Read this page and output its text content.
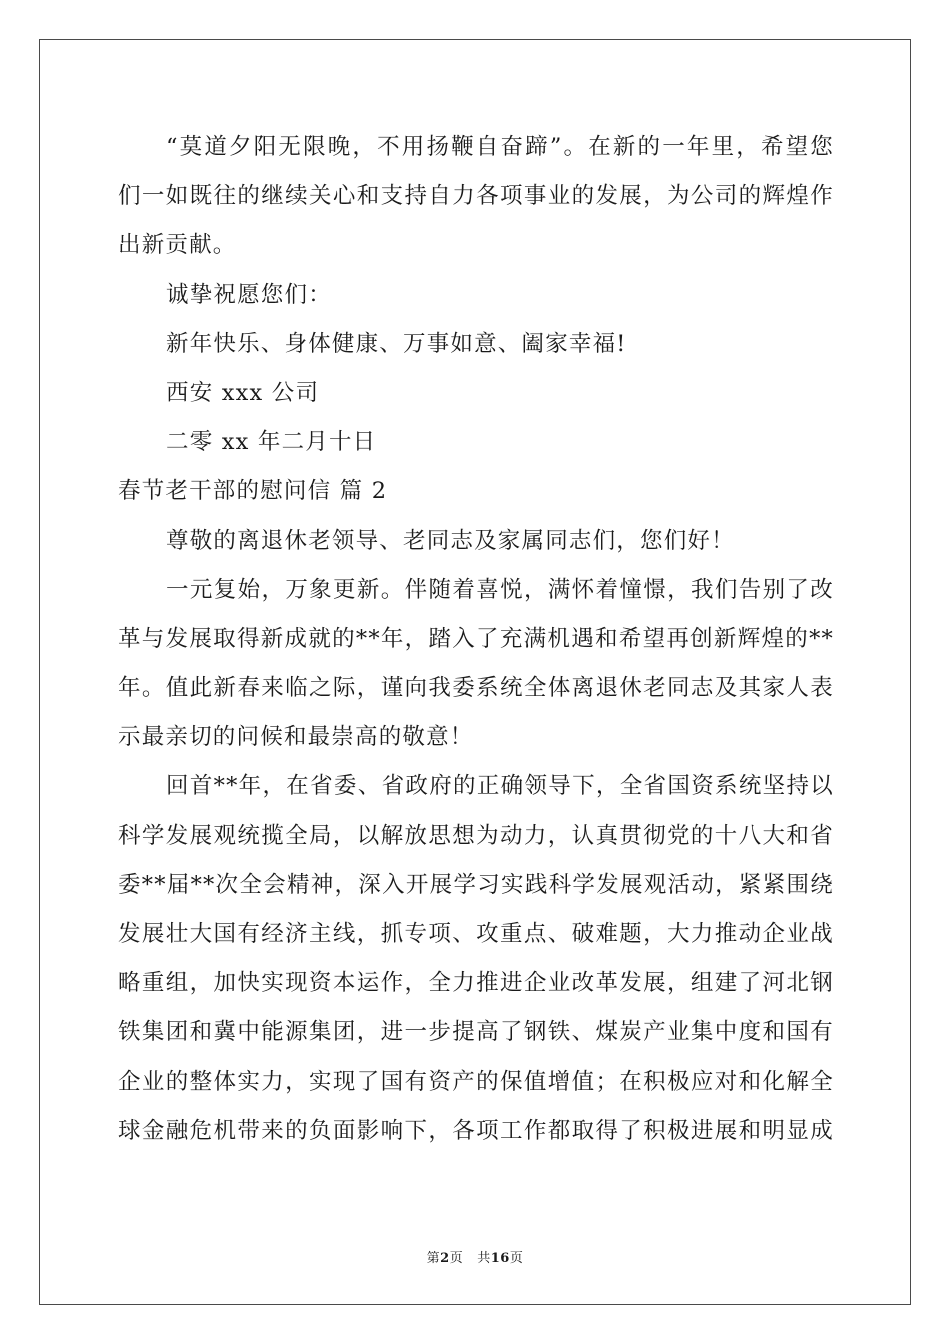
“莫道夕阳无限晚，不用扬鞭自奋蹄”。在新的一年里，希望您
们一如既往的继续关心和支持自力各项事业的发展，为公司的辉煌作
出新贡献。
诚挚祝愿您们：
新年快乐、身体健康、万事如意、阖家幸福!
西安 xxx 公司
二零 xx 年二月十日
春节老干部的慰问信 篇 2
尊敬的离退休老领导、老同志及家属同志们，您们好！
一元复始，万象更新。伴随着喜悦，满怀着憧憬，我们告别了改
革与发展取得新成就的**年，踏入了充满机遇和希望再创新辉煌的**
年。值此新春来临之际，谨向我委系统全体离退休老同志及其家人表
示最亲切的问候和最崇高的敬意！
回首**年，在省委、省政府的正确领导下，全省国资系统坚持以
科学发展观统揽全局，以解放思想为动力，认真贯彻党的十八大和省
委**届**次全会精神，深入开展学习实践科学发展观活动，紧紧围绕
发展壮大国有经济主线，抓专项、攻重点、破难题，大力推动企业战
略重组，加快实现资本运作，全力推进企业改革发展，组建了河北钢
铁集团和冀中能源集团，进一步提高了钢铁、煤炭产业集中度和国有
企业的整体实力，实现了国有资产的保值增值；在积极应对和化解全
球金融危机带来的负面影响下，各项工作都取得了积极进展和明显成
第2页 共16页
